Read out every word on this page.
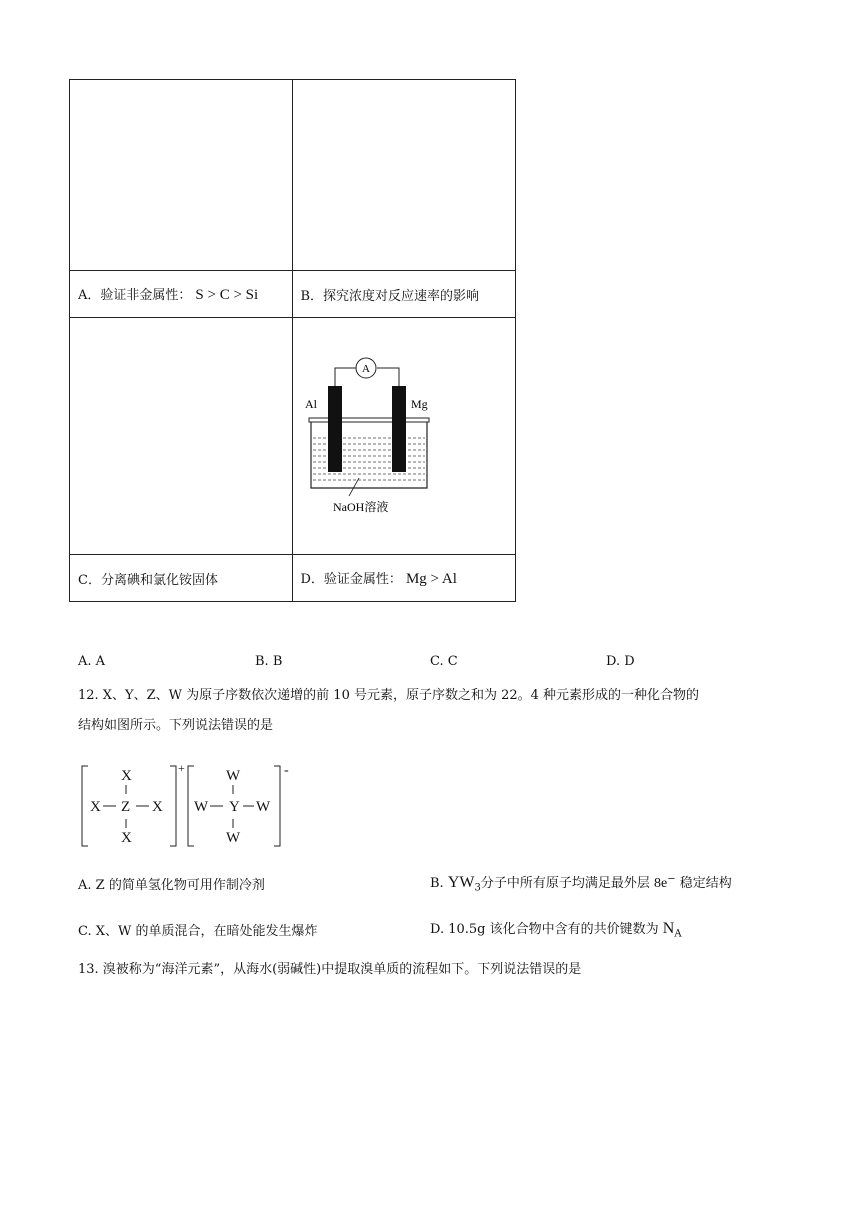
A．验证非金属性： S > C > Si	B．探究浓度对反应速率的影响

A
Al Mg
NaOH溶液

C．分离碘和氯化铵固体	D．验证金属性： Mg > Al
A. A	B. B	C. C	D. D
12. X、Y、Z、W 为原子序数依次递增的前 10 号元素，原子序数之和为 22。4 种元素形成的一种化合物的
结构如图所示。下列说法错误的是
+
X
X Z X
X
-
W
W Y W
W
A. Z 的简单氢化物可用作制冷剂	B. $YW_3$分子中所有原子均满足最外层 8e− 稳定结构
C. X、W 的单质混合，在暗处能发生爆炸	D. 10.5g 该化合物中含有的共价键数为 $N_A$
13. 溴被称为“海洋元素”，从海水(弱碱性)中提取溴单质的流程如下。下列说法错误的是
